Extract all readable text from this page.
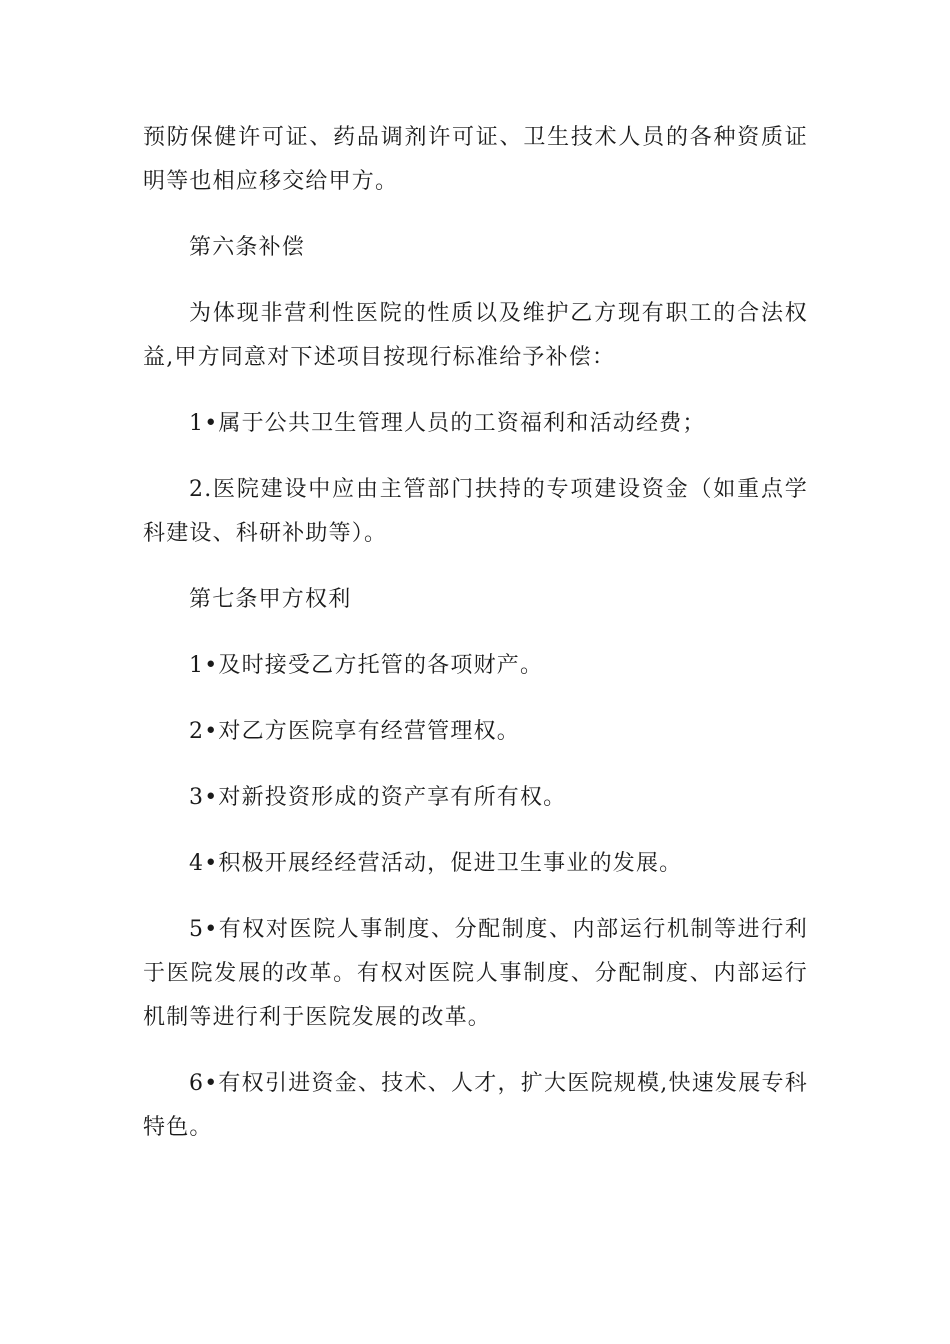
预防保健许可证、药品调剂许可证、卫生技术人员的各种资质证明等也相应移交给甲方。

第六条补偿

为体现非营利性医院的性质以及维护乙方现有职工的合法权益,甲方同意对下述项目按现行标准给予补偿：

1•属于公共卫生管理人员的工资福利和活动经费；

2.医院建设中应由主管部门扶持的专项建设资金（如重点学科建设、科研补助等）。

第七条甲方权利

1•及时接受乙方托管的各项财产。

2•对乙方医院享有经营管理权。

3•对新投资形成的资产享有所有权。

4•积极开展经经营活动，促进卫生事业的发展。

5•有权对医院人事制度、分配制度、内部运行机制等进行利于医院发展的改革。有权对医院人事制度、分配制度、内部运行机制等进行利于医院发展的改革。

6•有权引进资金、技术、人才，扩大医院规模,快速发展专科特色。
